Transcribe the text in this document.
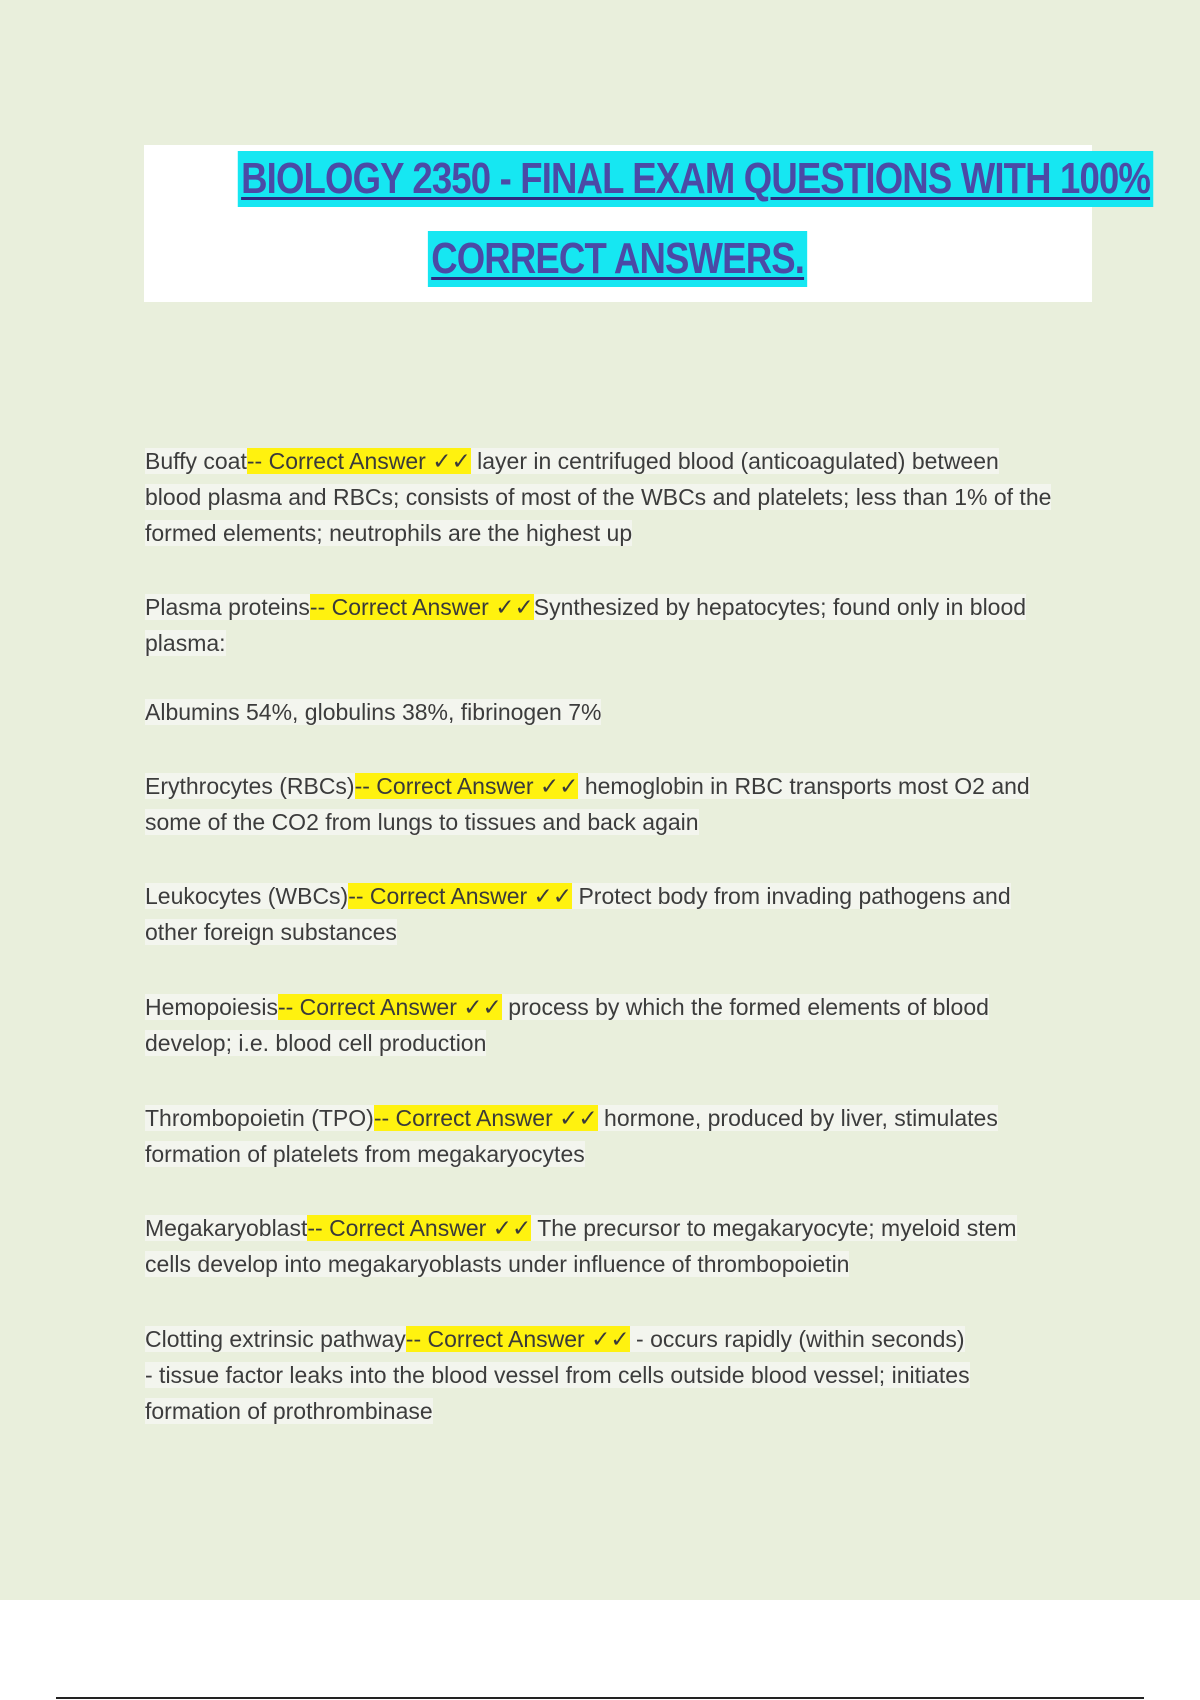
BIOLOGY 2350 - FINAL EXAM QUESTIONS WITH 100%
CORRECT ANSWERS.
Buffy coat-- Correct Answer ✓✓ layer in centrifuged blood (anticoagulated) between
blood plasma and RBCs; consists of most of the WBCs and platelets; less than 1% of the
formed elements; neutrophils are the highest up
Plasma proteins-- Correct Answer ✓✓Synthesized by hepatocytes; found only in blood
plasma:
Albumins 54%, globulins 38%, fibrinogen 7%
Erythrocytes (RBCs)-- Correct Answer ✓✓ hemoglobin in RBC transports most O2 and
some of the CO2 from lungs to tissues and back again
Leukocytes (WBCs)-- Correct Answer ✓✓ Protect body from invading pathogens and
other foreign substances
Hemopoiesis-- Correct Answer ✓✓ process by which the formed elements of blood
develop; i.e. blood cell production
Thrombopoietin (TPO)-- Correct Answer ✓✓ hormone, produced by liver, stimulates
formation of platelets from megakaryocytes
Megakaryoblast-- Correct Answer ✓✓ The precursor to megakaryocyte; myeloid stem
cells develop into megakaryoblasts under influence of thrombopoietin
Clotting extrinsic pathway-- Correct Answer ✓✓ - occurs rapidly (within seconds)
- tissue factor leaks into the blood vessel from cells outside blood vessel; initiates
formation of prothrombinase
